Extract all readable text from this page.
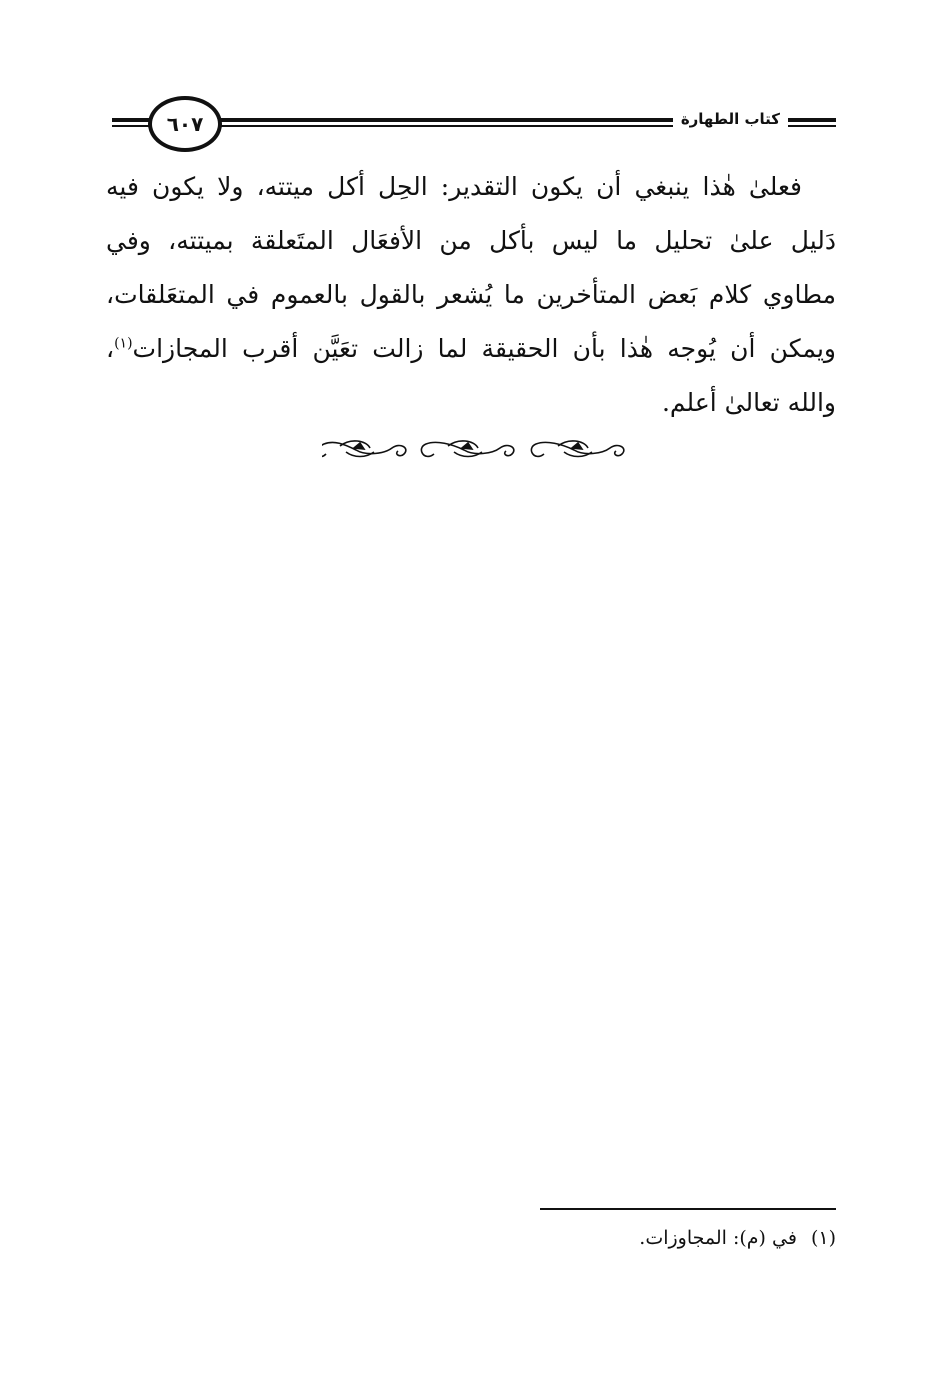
كتاب الطهارة
٦٠٧
فعلىٰ هٰذا ينبغي أن يكون التقدير: الحِل أكل ميتته، ولا يكون فيه
دَليل علىٰ تحليل ما ليس بأكل من الأفعَال المتَعلقة بميتته، وفي
مطاوي كلام بَعض المتأخرين ما يُشعر بالقول بالعموم في المتعَلقات،
ويمكن أن يُوجه هٰذا بأن الحقيقة لما زالت تعَيَّن أقرب المجازات$^{(١)}$،
والله تعالىٰ أعلم.
(١)في (م): المجاوزات.
